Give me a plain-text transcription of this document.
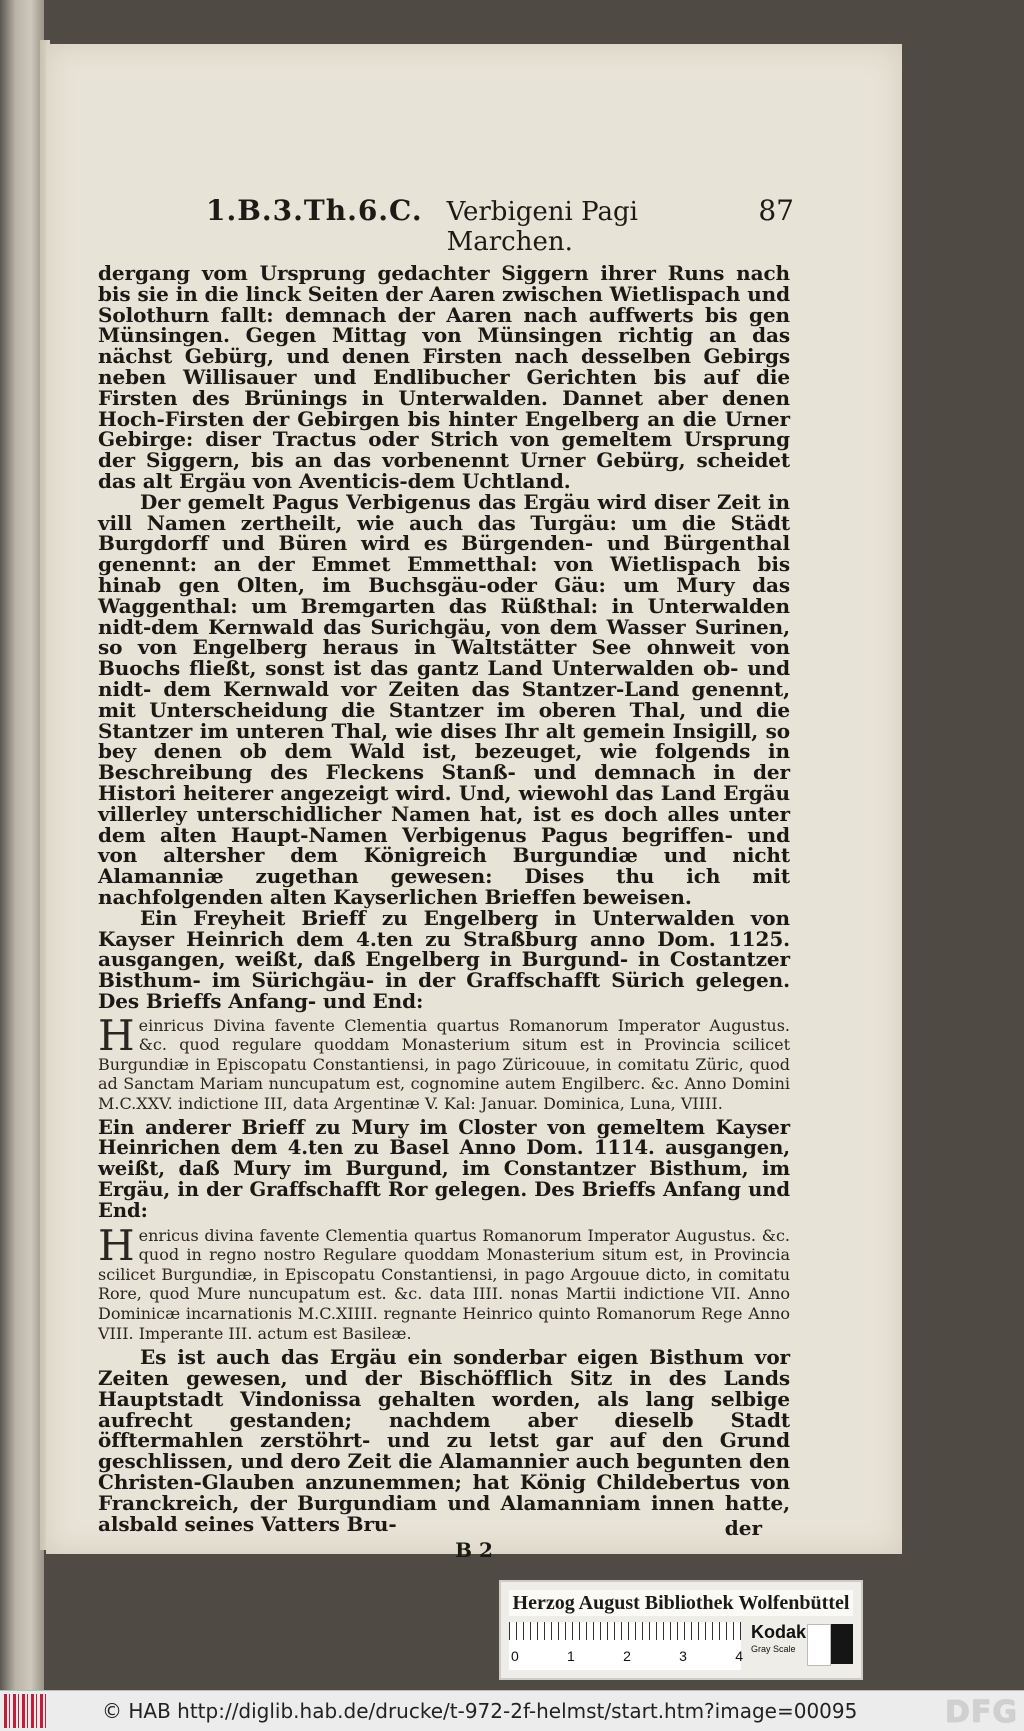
1.B.3.Th.6.C. Verbigeni Pagi Marchen.
87

dergang vom Ursprung gedachter Siggern ihrer Runs nach bis sie in die linck Seiten der Aaren zwischen Wietlispach und Solothurn fallt: demnach der Aaren nach auffwerts bis gen Münsingen. Gegen Mittag von Münsingen richtig an das nächst Gebürg, und denen Firsten nach desselben Gebirgs neben Willisauer und Endlibucher Gerichten bis auf die Firsten des Brünings in Unterwalden. Dannet aber denen Hoch-Firsten der Gebirgen bis hinter Engelberg an die Urner Gebirge: diser Tractus oder Strich von gemeltem Ursprung der Siggern, bis an das vorbenennt Urner Gebürg, scheidet das alt Ergäu von Aventicis-dem Uchtland.

Der gemelt Pagus Verbigenus das Ergäu wird diser Zeit in vill Namen zertheilt, wie auch das Turgäu: um die Städt Burgdorff und Büren wird es Bürgenden- und Bürgenthal genennt: an der Emmet Emmetthal: von Wietlispach bis hinab gen Olten, im Buchsgäu-oder Gäu: um Mury das Waggenthal: um Bremgarten das Rüßthal: in Unterwalden nidt-dem Kernwald das Surichgäu, von dem Wasser Surinen, so von Engelberg heraus in Waltstätter See ohnweit von Buochs fließt, sonst ist das gantz Land Unterwalden ob- und nidt- dem Kernwald vor Zeiten das Stantzer-Land genennt, mit Unterscheidung die Stantzer im oberen Thal, und die Stantzer im unteren Thal, wie dises Ihr alt gemein Insigill, so bey denen ob dem Wald ist, bezeuget, wie folgends in Beschreibung des Fleckens Stanß- und demnach in der Histori heiterer angezeigt wird. Und, wiewohl das Land Ergäu villerley unterschidlicher Namen hat, ist es doch alles unter dem alten Haupt-Namen Verbigenus Pagus begriffen- und von altersher dem Königreich Burgundiæ und nicht Alamanniæ zugethan gewesen: Dises thu ich mit nachfolgenden alten Kayserlichen Brieffen beweisen.

Ein Freyheit Brieff zu Engelberg in Unterwalden von Kayser Heinrich dem 4.ten zu Straßburg anno Dom. 1125. ausgangen, weißt, daß Engelberg in Burgund- in Costantzer Bisthum- im Sürichgäu- in der Graffschafft Sürich gelegen. Des Brieffs Anfang- und End:

H einricus Divina favente Clementia quartus Romanorum Imperator Augustus. &c. quod regulare quoddam Monasterium situm est in Provincia scilicet Burgundiæ in Episcopatu Constantiensi, in pago Züricouue, in comitatu Züric, quod ad Sanctam Mariam nuncupatum est, cognomine autem Engilberc. &c. Anno Domini M.C.XXV. indictione III, data Argentinæ V. Kal: Januar. Dominica, Luna, VIIII.

Ein anderer Brieff zu Mury im Closter von gemeltem Kayser Heinrichen dem 4.ten zu Basel Anno Dom. 1114. ausgangen, weißt, daß Mury im Burgund, im Constantzer Bisthum, im Ergäu, in der Graffschafft Ror gelegen. Des Brieffs Anfang und End:

H enricus divina favente Clementia quartus Romanorum Imperator Augustus. &c. quod in regno nostro Regulare quoddam Monasterium situm est, in Provincia scilicet Burgundiæ, in Episcopatu Constantiensi, in pago Argouue dicto, in comitatu Rore, quod Mure nuncupatum est. &c. data IIII. nonas Martii indictione VII. Anno Dominicæ incarnationis M.C.XIIII. regnante Heinrico quinto Romanorum Rege Anno VIII. Imperante III. actum est Basileæ.

Es ist auch das Ergäu ein sonderbar eigen Bisthum vor Zeiten gewesen, und der Bischöfflich Sitz in des Lands Hauptstadt Vindonissa gehalten worden, als lang selbige aufrecht gestanden; nachdem aber dieselb Stadt öfftermahlen zerstöhrt- und zu letst gar auf den Grund geschlissen, und dero Zeit die Alamannier auch begunten den Christen-Glauben anzunemmen; hat König Childebertus von Franckreich, der Burgundiam und Alamanniam innen hatte, alsbald seines Vatters Bru-

B 2
der
Herzog August Bibliothek Wolfenbüttel
0	1	2	3	4
Kodak
Gray Scale
© HAB http://diglib.hab.de/drucke/t-972-2f-helmst/start.htm?image=00095	DFG
